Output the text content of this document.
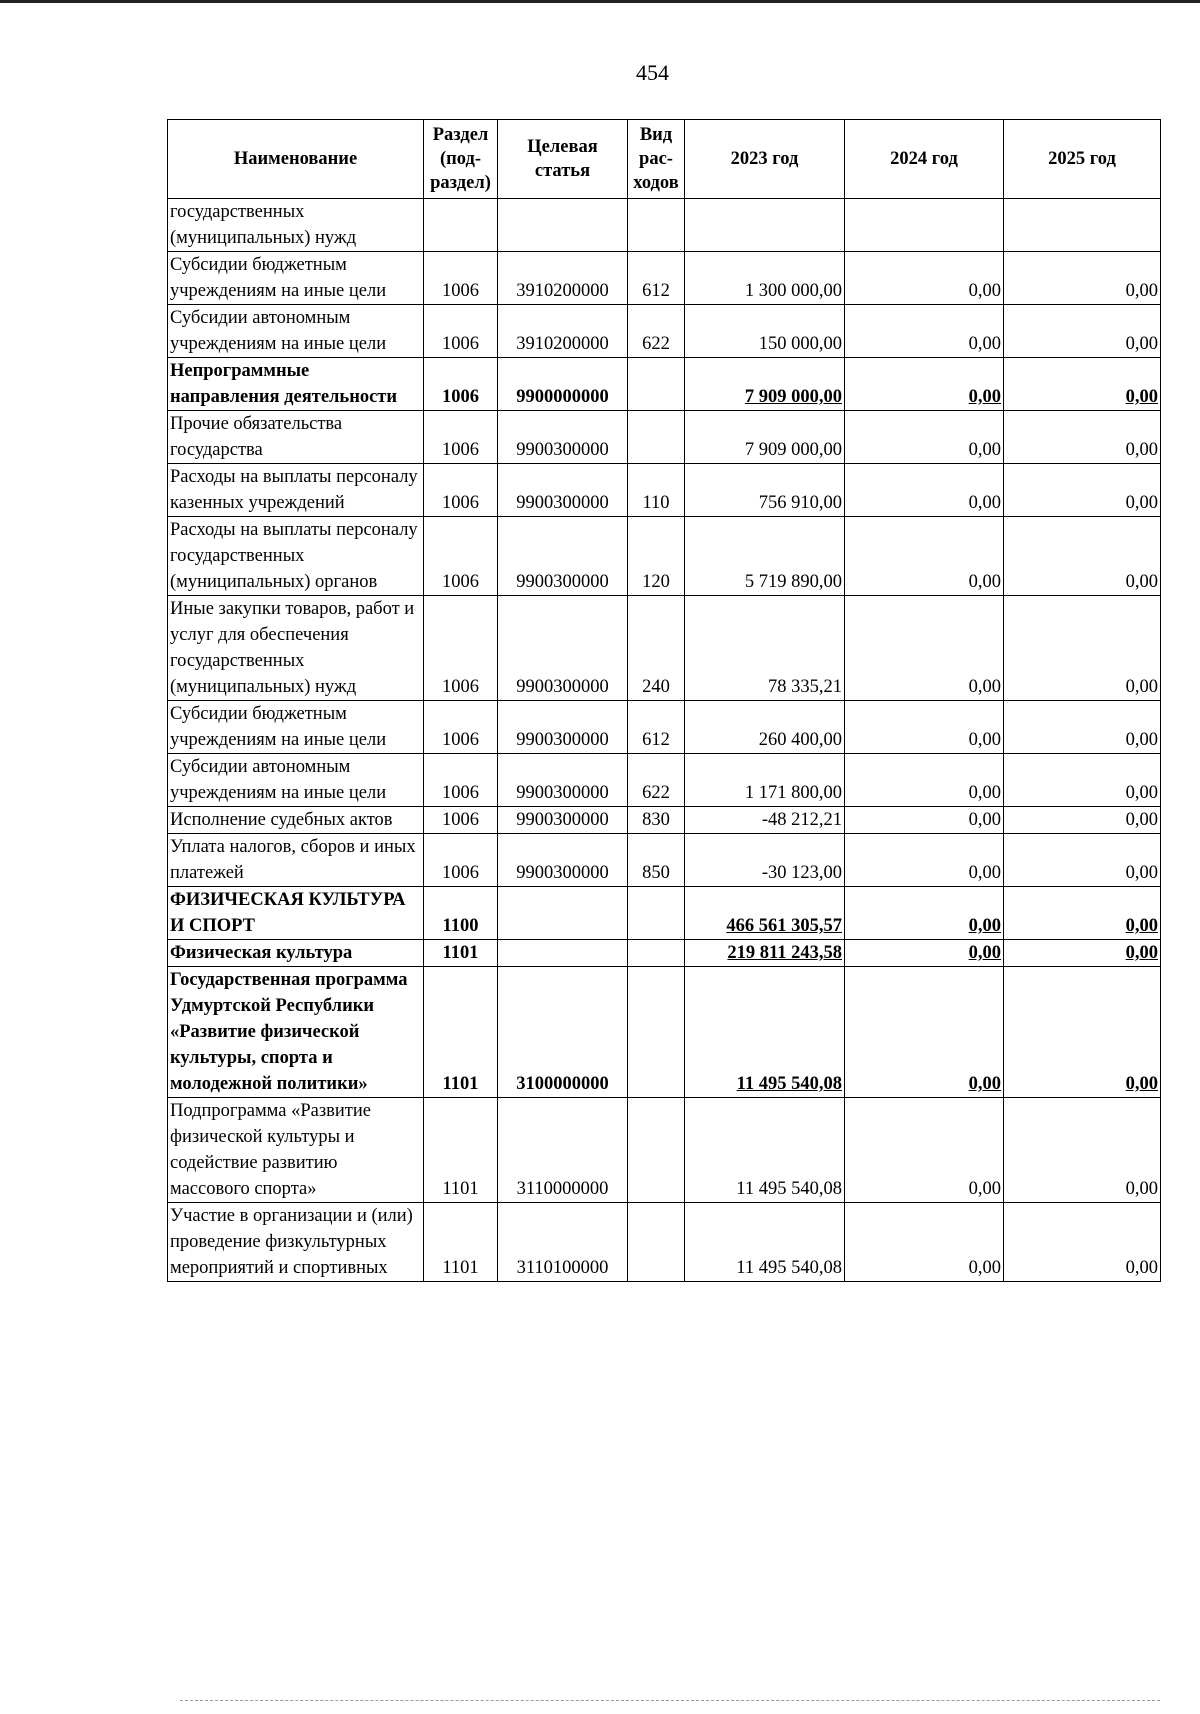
454
Наименование	Раздел (под-раздел)	Целевая статья	Вид рас-ходов	2023 год	2024 год	2025 год
государственных (муниципальных) нужд						
Субсидии бюджетным учреждениям на иные цели	1006	3910200000	612	1 300 000,00	0,00	0,00
Субсидии автономным учреждениям на иные цели	1006	3910200000	622	150 000,00	0,00	0,00
Непрограммные направления деятельности	1006	9900000000		7 909 000,00	0,00	0,00
Прочие обязательства государства	1006	9900300000		7 909 000,00	0,00	0,00
Расходы на выплаты персоналу казенных учреждений	1006	9900300000	110	756 910,00	0,00	0,00
Расходы на выплаты персоналу государственных (муниципальных) органов	1006	9900300000	120	5 719 890,00	0,00	0,00
Иные закупки товаров, работ и услуг для обеспечения государственных (муниципальных) нужд	1006	9900300000	240	78 335,21	0,00	0,00
Субсидии бюджетным учреждениям на иные цели	1006	9900300000	612	260 400,00	0,00	0,00
Субсидии автономным учреждениям на иные цели	1006	9900300000	622	1 171 800,00	0,00	0,00
Исполнение судебных актов	1006	9900300000	830	-48 212,21	0,00	0,00
Уплата налогов, сборов и иных платежей	1006	9900300000	850	-30 123,00	0,00	0,00
ФИЗИЧЕСКАЯ КУЛЬТУРА И СПОРТ	1100			466 561 305,57	0,00	0,00
Физическая культура	1101			219 811 243,58	0,00	0,00
Государственная программа Удмуртской Республики «Развитие физической культуры, спорта и молодежной политики»	1101	3100000000		11 495 540,08	0,00	0,00
Подпрограмма «Развитие физической культуры и содействие развитию массового спорта»	1101	3110000000		11 495 540,08	0,00	0,00
Участие в организации и (или) проведение физкультурных мероприятий и спортивных	1101	3110100000		11 495 540,08	0,00	0,00
